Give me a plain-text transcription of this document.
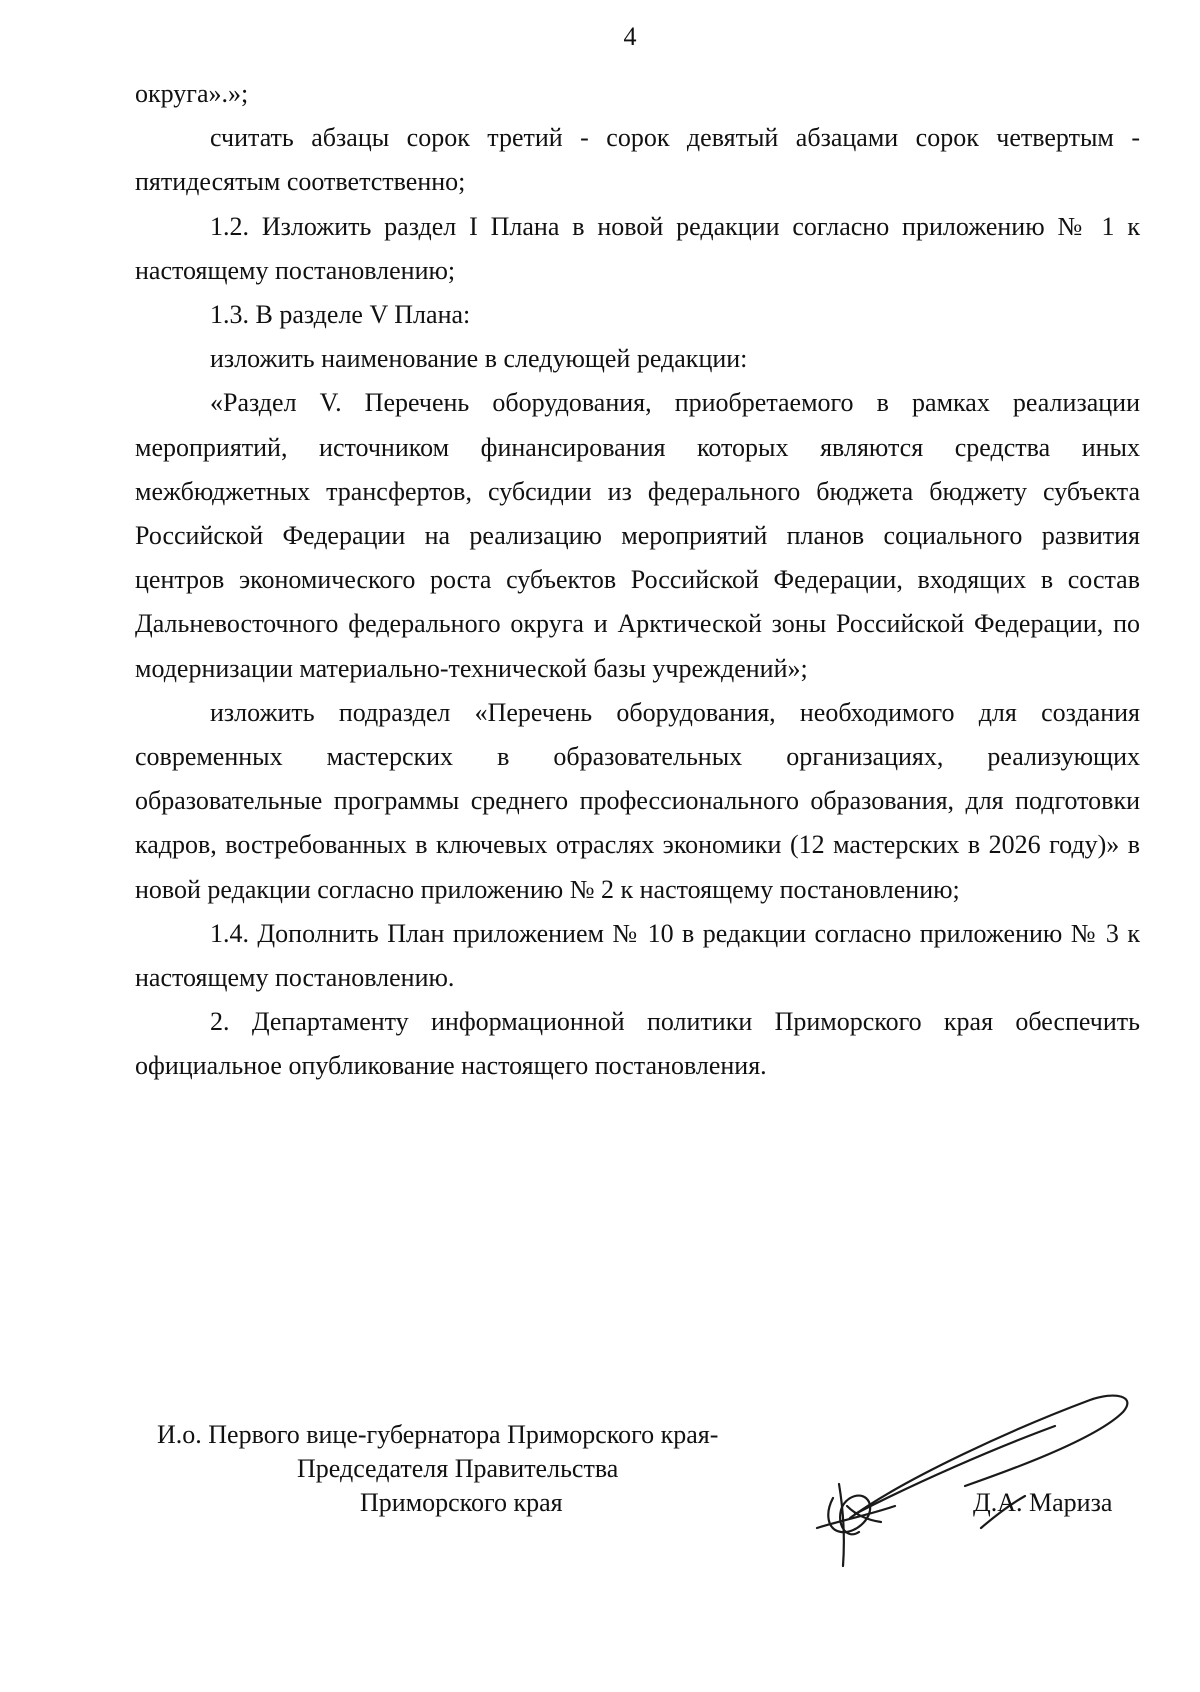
4

округа».»;

считать абзацы сорок третий - сорок девятый абзацами сорок четвертым - пятидесятым соответственно;

1.2. Изложить раздел I Плана в новой редакции согласно приложению № 1 к настоящему постановлению;

1.3. В разделе V Плана:

изложить наименование в следующей редакции:

«Раздел V. Перечень оборудования, приобретаемого в рамках реализации мероприятий, источником финансирования которых являются средства иных межбюджетных трансфертов, субсидии из федерального бюджета бюджету субъекта Российской Федерации на реализацию мероприятий планов социального развития центров экономического роста субъектов Российской Федерации, входящих в состав Дальневосточного федерального округа и Арктической зоны Российской Федерации, по модернизации материально-технической базы учреждений»;

изложить подраздел «Перечень оборудования, необходимого для создания современных мастерских в образовательных организациях, реализующих образовательные программы среднего профессионального образования, для подготовки кадров, востребованных в ключевых отраслях экономики (12 мастерских в 2026 году)» в новой редакции согласно приложению № 2 к настоящему постановлению;

1.4. Дополнить План приложением № 10 в редакции согласно приложению № 3 к настоящему постановлению.

2. Департаменту информационной политики Приморского края обеспечить официальное опубликование настоящего постановления.

И.о. Первого вице-губернатора Приморского края-
Председателя Правительства
Приморского края	Д.А. Мариза
